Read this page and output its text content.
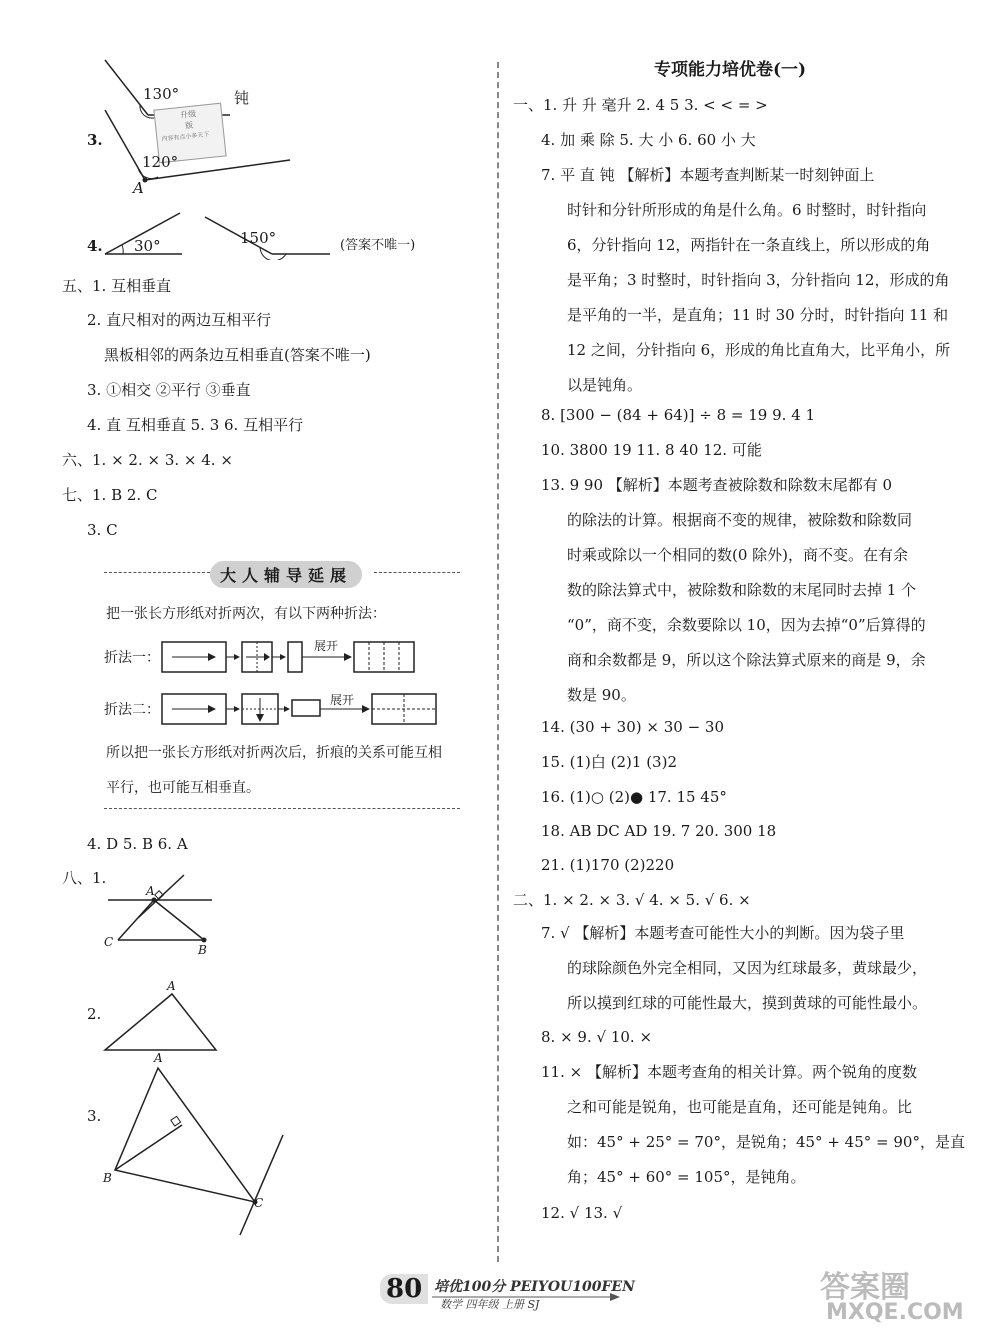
130°	钝
3.
升级
版
内容有点小多天下
120°
A
4. 30°	150°	(答案不唯一)
五、1. 互相垂直
2. 直尺相对的两边互相平行
黑板相邻的两条边互相垂直(答案不唯一)
3. ①相交 ②平行 ③垂直
4. 直 互相垂直 5. 3 6. 互相平行
六、1. × 2. × 3. × 4. ×
七、1. B 2. C
3. C
大人辅导延展
把一张长方形纸对折两次，有以下两种折法：
折法一：
展开
折法二：
展开
所以把一张长方形纸对折两次后，折痕的关系可能互相
平行，也可能互相垂直。
4. D 5. B 6. A
八、1.
A
C
B
2.
A
3.
A
B
C
专项能力培优卷(一)
一、1. 升 升 毫升 2. 4 5 3. < < = >
4. 加 乘 除 5. 大 小 6. 60 小 大
7. 平 直 钝 【解析】本题考查判断某一时刻钟面上
时针和分针所形成的角是什么角。6 时整时，时针指向
6，分针指向 12，两指针在一条直线上，所以形成的角
是平角；3 时整时，时针指向 3，分针指向 12，形成的角
是平角的一半，是直角；11 时 30 分时，时针指向 11 和
12 之间，分针指向 6，形成的角比直角大，比平角小，所
以是钝角。
8. [300 − (84 + 64)] ÷ 8 = 19 9. 4 1
10. 3800 19 11. 8 40 12. 可能
13. 9 90 【解析】本题考查被除数和除数末尾都有 0
的除法的计算。根据商不变的规律，被除数和除数同
时乘或除以一个相同的数(0 除外)，商不变。在有余
数的除法算式中，被除数和除数的末尾同时去掉 1 个
“0”，商不变，余数要除以 10，因为去掉“0”后算得的
商和余数都是 9，所以这个除法算式原来的商是 9，余
数是 90。
14. (30 + 30) × 30 − 30
15. (1)白 (2)1 (3)2
16. (1)○ (2)● 17. 15 45°
18. AB DC AD 19. 7 20. 300 18
21. (1)170 (2)220
二、1. × 2. × 3. √ 4. × 5. √ 6. ×
7. √ 【解析】本题考查可能性大小的判断。因为袋子里
的球除颜色外完全相同，又因为红球最多，黄球最少，
所以摸到红球的可能性最大，摸到黄球的可能性最小。
8. × 9. √ 10. ×
11. × 【解析】本题考查角的相关计算。两个锐角的度数
之和可能是锐角，也可能是直角，还可能是钝角。比
如：45° + 25° = 70°，是锐角；45° + 45° = 90°，是直
角；45° + 60° = 105°，是钝角。
12. √ 13. √
80 培优100分 PEIYOU100FEN
数学 四年级 上册 SJ	答案圈
MXQE.COM
